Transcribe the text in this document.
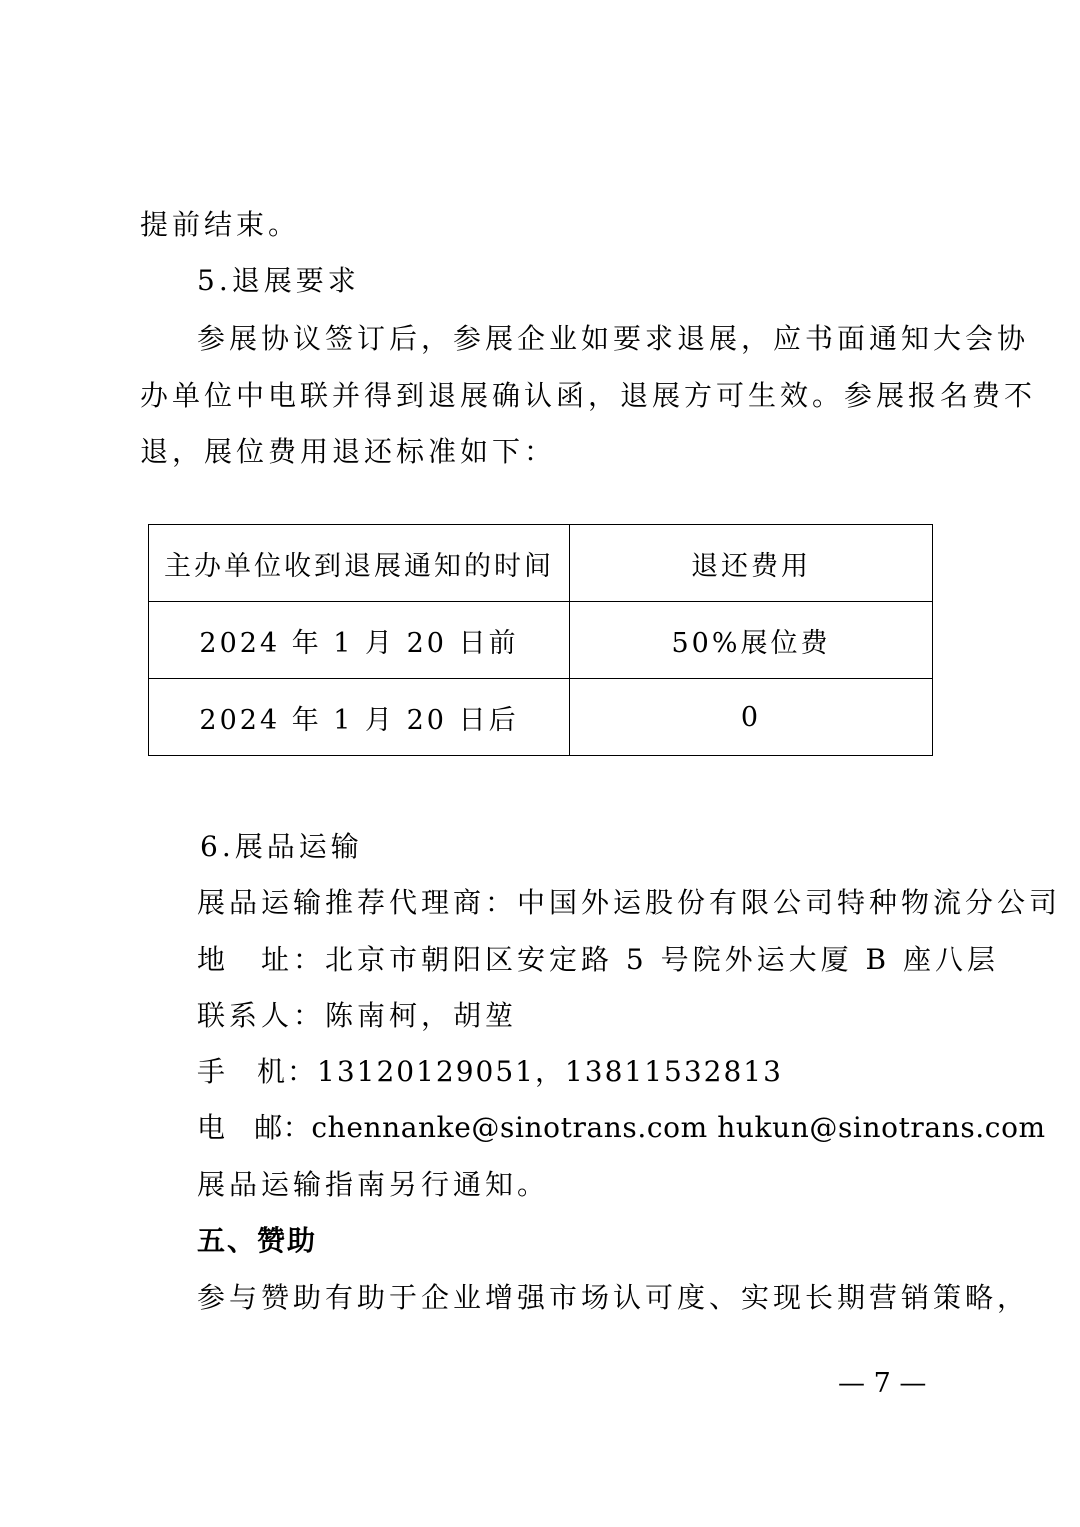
提前结束。
5.退展要求
参展协议签订后，参展企业如要求退展，应书面通知大会协
办单位中电联并得到退展确认函，退展方可生效。参展报名费不
退，展位费用退还标准如下：
主办单位收到退展通知的时间	退还费用
2024 年 1 月 20 日前	50%展位费
2024 年 1 月 20 日后	0
6.展品运输
展品运输推荐代理商：中国外运股份有限公司特种物流分公司
地　址：北京市朝阳区安定路 5 号院外运大厦 B 座八层
联系人：陈南柯，胡堃
手　机：13120129051，13811532813
电　邮：chennanke@sinotrans.com hukun@sinotrans.com
展品运输指南另行通知。
五、赞助
参与赞助有助于企业增强市场认可度、实现长期营销策略，
— 7 —
